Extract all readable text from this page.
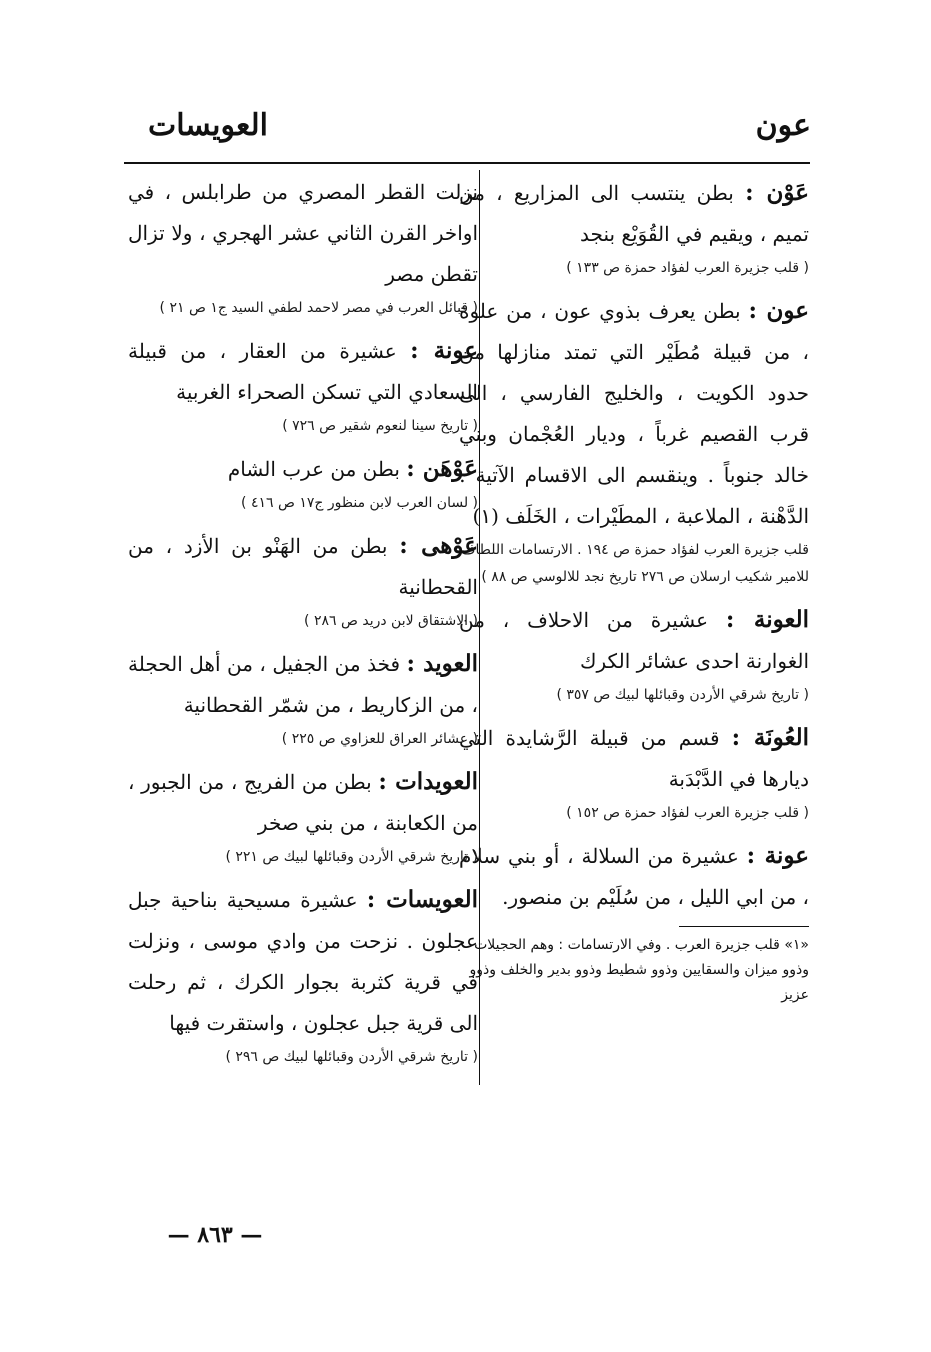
عون
العويسات
عَوْن : بطن ينتسب الى المزاريع ، من تميم ، ويقيم في القُوَيْع بنجد
( قلب جزيرة العرب لفؤاد حمزة ص ١٣٣ )
عون : بطن يعرف بذوي عون ، من علوة ، من قبيلة مُطَيْر التي تمتد منازلها من حدود الكويت ، والخليج الفارسي ، الى قرب القصيم غرباً ، وديار العُجْمان وبني خالد جنوباً . وينقسم الى الاقسام الآتية : الدَّهْنة ، الملاعبة ، المطَيْرات ، الخَلَف (١)
قلب جزيرة العرب لفؤاد حمزة ص ١٩٤ . الارتسامات اللطاف للامير شكيب ارسلان ص ٢٧٦ تاريخ نجد للالوسي ص ٨٨ )
العونة : عشيرة من الاحلاف ، من الغوارنة احدى عشائر الكرك
( تاريخ شرقي الأردن وقبائلها لبيك ص ٣٥٧ )
العُونَة : قسم من قبيلة الرَّشايدة التي ديارها في الدَّبْدَبة
( قلب جزيرة العرب لفؤاد حمزة ص ١٥٢ )
عونة : عشيرة من السلالة ، أو بني سلام ، من ابي الليل ، من سُلَيْم بن منصور.
«١» قلب جزيرة العرب . وفي الارتسامات : وهم الحجيلات وذوو ميزان والسقايين وذوو شطيط وذوو بدير والخلف وذوو عزيز
نزلت القطر المصري من طرابلس ، في اواخر القرن الثاني عشر الهجري ، ولا تزال تقطن مصر
( قبائل العرب في مصر لاحمد لطفي السيد ج١ ص ٢١ )
عونة : عشيرة من العقار ، من قبيلة السعادي التي تسكن الصحراء الغربية
( تاريخ سينا لنعوم شقير ص ٧٢٦ )
عَوْهَن : بطن من عرب الشام
( لسان العرب لابن منظور ج١٧ ص ٤١٦ )
عَوْهى : بطن من الهَنْو بن الأزد ، من القحطانية
( الاشتقاق لابن دريد ص ٢٨٦ )
العويد : فخذ من الجفيل ، من أهل الحجلة ، من الزكاريط ، من شمّر القحطانية
( عشائر العراق للعزاوي ص ٢٢٥ )
العويدات : بطن من الفريج ، من الجبور ، من الكعابنة ، من بني صخر
( تاريخ شرقي الأردن وقبائلها لبيك ص ٢٢١ )
العويسات : عشيرة مسيحية بناحية جبل عجلون . نزحت من وادي موسى ، ونزلت في قرية كثربة بجوار الكرك ، ثم رحلت الى قرية جبل عجلون ، واستقرت فيها
( تاريخ شرقي الأردن وقبائلها لبيك ص ٢٩٦ )
— ٨٦٣ —
